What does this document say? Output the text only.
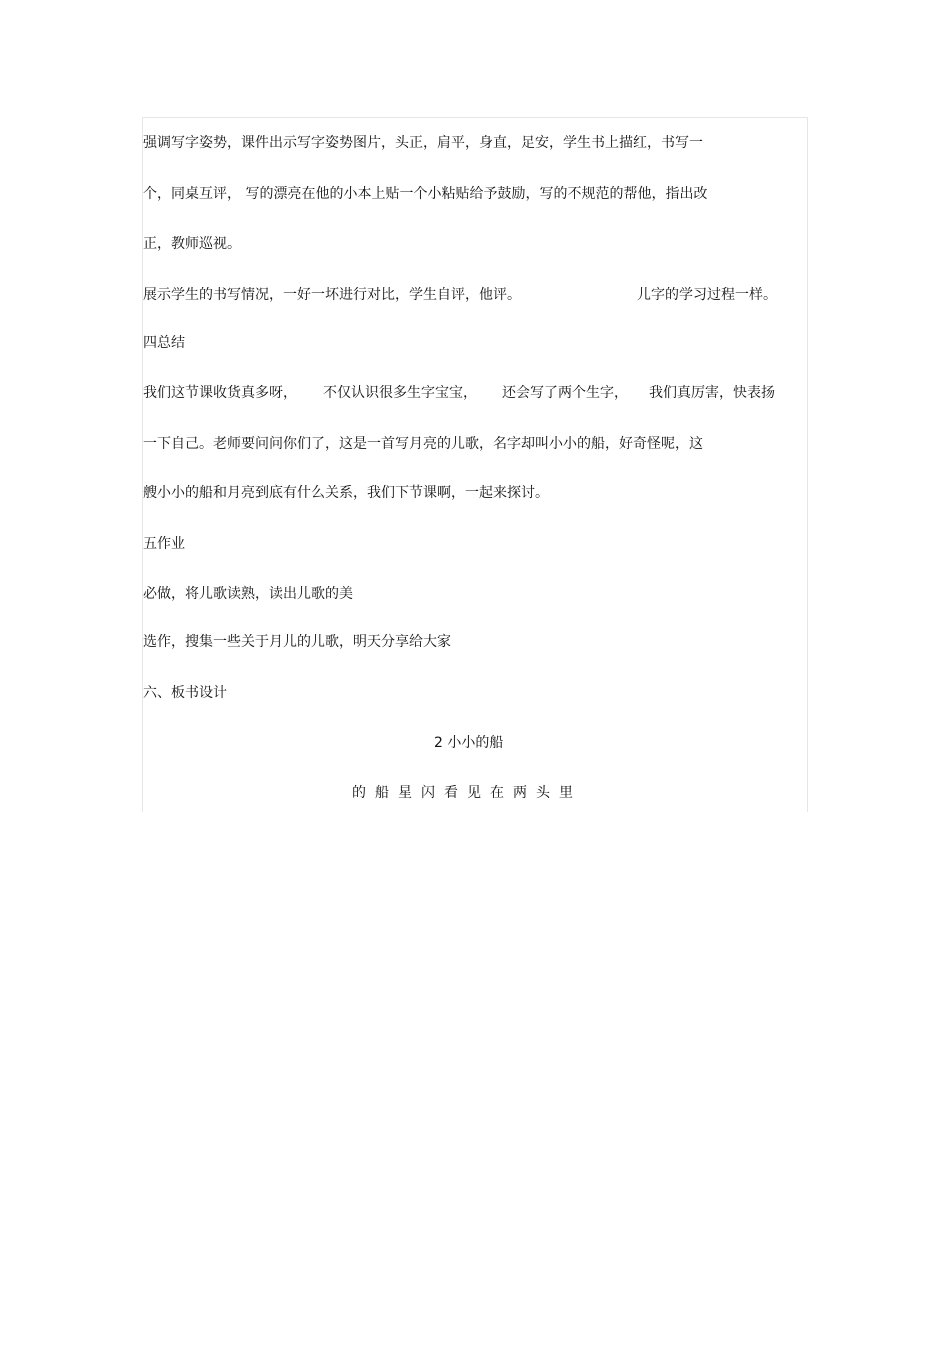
强调写字姿势，课件出示写字姿势图片，头正，肩平，身直，足安，学生书上描红，书写一
个，同桌互评， 写的漂亮在他的小本上贴一个小粘贴给予鼓励，写的不规范的帮他，指出改
正，教师巡视。
展示学生的书写情况，一好一坏进行对比，学生自评，他评。	儿字的学习过程一样。
四总结
我们这节课收货真多呀， 不仅认识很多生字宝宝， 还会写了两个生字， 我们真厉害，快表扬
一下自己。老师要问问你们了，这是一首写月亮的儿歌，名字却叫小小的船，好奇怪呢，这
艘小小的船和月亮到底有什么关系，我们下节课啊，一起来探讨。
五作业
必做，将儿歌读熟，读出儿歌的美
选作，搜集一些关于月儿的儿歌，明天分享给大家
六、板书设计
2 小小的船
的 船 星 闪 看 见 在 两 头 里
